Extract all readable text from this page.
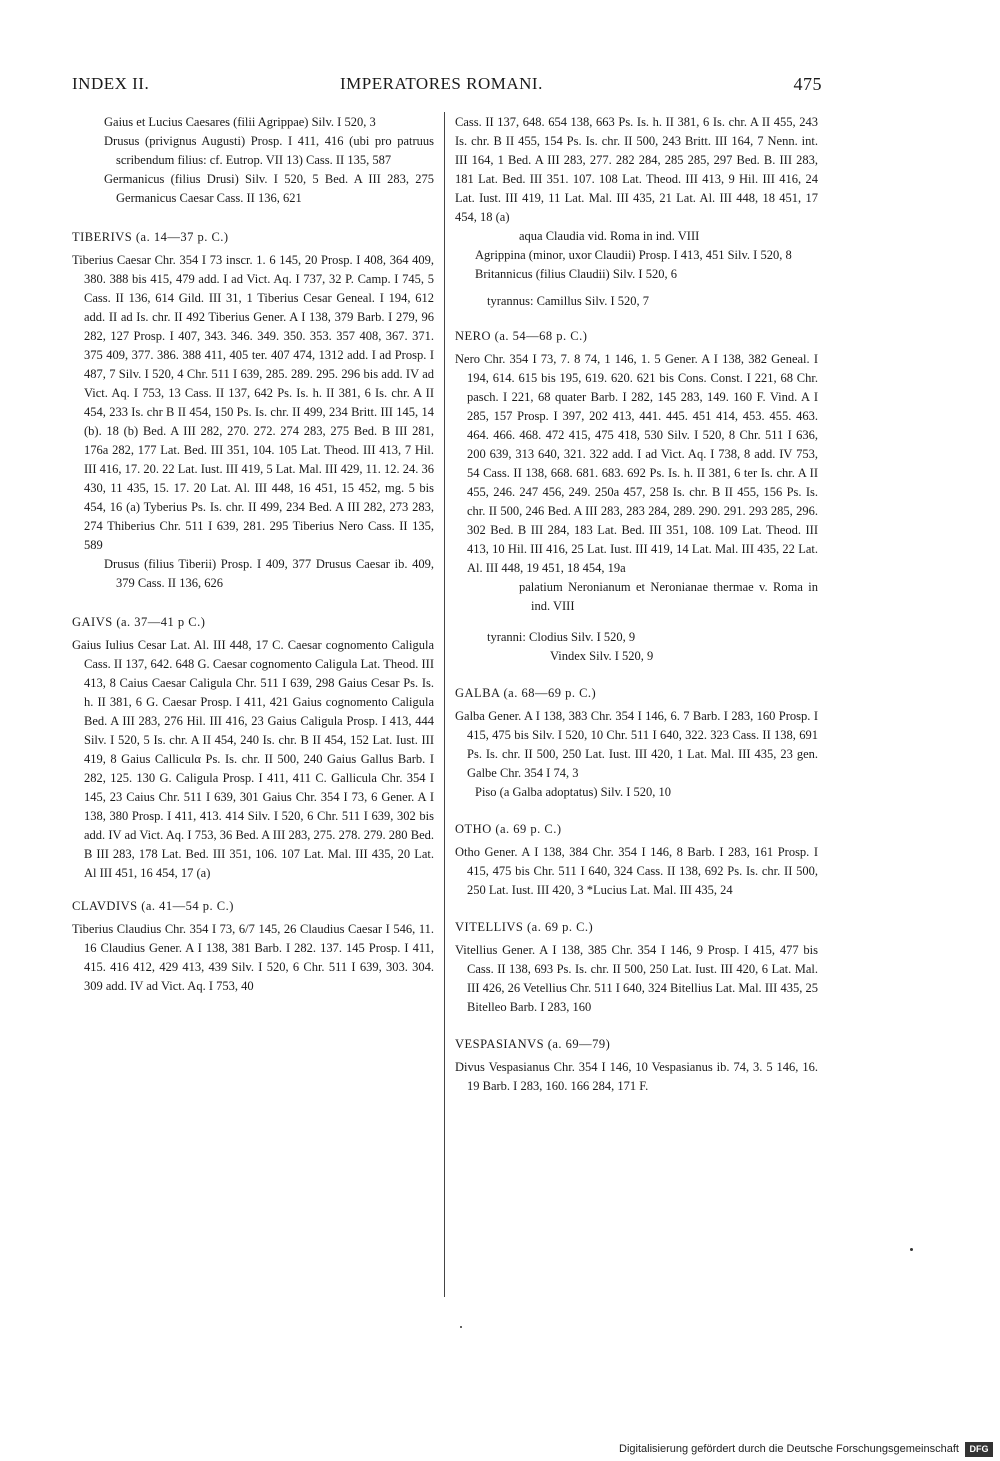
INDEX II.	IMPERATORES ROMANI.	475

Gaius et Lucius Caesares (filii Agrippae) Silv. I 520, 3

Drusus (privignus Augusti) Prosp. I 411, 416 (ubi pro patruus scribendum filius: cf. Eutrop. VII 13) Cass. II 135, 587

Germanicus (filius Drusi) Silv. I 520, 5 Bed. A III 283, 275 Germanicus Caesar Cass. II 136, 621

TIBERIVS (a. 14—37 p. C.)

Tiberius Caesar Chr. 354 I 73 inscr. 1. 6 145, 20 Prosp. I 408, 364 409, 380. 388 bis 415, 479 add. I ad Vict. Aq. I 737, 32 P. Camp. I 745, 5 Cass. II 136, 614 Gild. III 31, 1 Tiberius Cesar Geneal. I 194, 612 add. II ad Is. chr. II 492 Tiberius Gener. A I 138, 379 Barb. I 279, 96 282, 127 Prosp. I 407, 343. 346. 349. 350. 353. 357 408, 367. 371. 375 409, 377. 386. 388 411, 405 ter. 407 474, 1312 add. I ad Prosp. I 487, 7 Silv. I 520, 4 Chr. 511 I 639, 285. 289. 295. 296 bis add. IV ad Vict. Aq. I 753, 13 Cass. II 137, 642 Ps. Is. h. II 381, 6 Is. chr. A II 454, 233 Is. chr B II 454, 150 Ps. Is. chr. II 499, 234 Britt. III 145, 14 (b). 18 (b) Bed. A III 282, 270. 272. 274 283, 275 Bed. B III 281, 176a 282, 177 Lat. Bed. III 351, 104. 105 Lat. Theod. III 413, 7 Hil. III 416, 17. 20. 22 Lat. Iust. III 419, 5 Lat. Mal. III 429, 11. 12. 24. 36 430, 11 435, 15. 17. 20 Lat. Al. III 448, 16 451, 15 452, mg. 5 bis 454, 16 (a) Tyberius Ps. Is. chr. II 499, 234 Bed. A III 282, 273 283, 274 Thiberius Chr. 511 I 639, 281. 295 Tiberius Nero Cass. II 135, 589

Drusus (filius Tiberii) Prosp. I 409, 377 Drusus Caesar ib. 409, 379 Cass. II 136, 626

GAIVS (a. 37—41 p C.)

Gaius Iulius Cesar Lat. Al. III 448, 17 C. Caesar cognomento Caligula Cass. II 137, 642. 648 G. Caesar cognomento Caligula Lat. Theod. III 413, 8 Caius Caesar Caligula Chr. 511 I 639, 298 Gaius Cesar Ps. Is. h. II 381, 6 G. Caesar Prosp. I 411, 421 Gaius cognomento Caligula Bed. A III 283, 276 Hil. III 416, 23 Gaius Caligula Prosp. I 413, 444 Silv. I 520, 5 Is. chr. A II 454, 240 Is. chr. B II 454, 152 Lat. Iust. III 419, 8 Gaius Calliculα Ps. Is. chr. II 500, 240 Gaius Gallus Barb. I 282, 125. 130 G. Caligula Prosp. I 411, 411 C. Gallicula Chr. 354 I 145, 23 Caius Chr. 511 I 639, 301 Gaius Chr. 354 I 73, 6 Gener. A I 138, 380 Prosp. I 411, 413. 414 Silv. I 520, 6 Chr. 511 I 639, 302 bis add. IV ad Vict. Aq. I 753, 36 Bed. A III 283, 275. 278. 279. 280 Bed. B III 283, 178 Lat. Bed. III 351, 106. 107 Lat. Mal. III 435, 20 Lat. Al III 451, 16 454, 17 (a)

CLAVDIVS (a. 41—54 p. C.)

Tiberius Claudius Chr. 354 I 73, 6/7 145, 26 Claudius Caesar I 546, 11. 16 Claudius Gener. A I 138, 381 Barb. I 282. 137. 145 Prosp. I 411, 415. 416 412, 429 413, 439 Silv. I 520, 6 Chr. 511 I 639, 303. 304. 309 add. IV ad Vict. Aq. I 753, 40

Cass. II 137, 648. 654 138, 663 Ps. Is. h. II 381, 6 Is. chr. A II 455, 243 Is. chr. B II 455, 154 Ps. Is. chr. II 500, 243 Britt. III 164, 7 Nenn. int. III 164, 1 Bed. A III 283, 277. 282 284, 285 285, 297 Bed. B. III 283, 181 Lat. Bed. III 351. 107. 108 Lat. Theod. III 413, 9 Hil. III 416, 24 Lat. Iust. III 419, 11 Lat. Mal. III 435, 21 Lat. Al. III 448, 18 451, 17 454, 18 (a)

aqua Claudia vid. Roma in ind. VIII

Agrippina (minor, uxor Claudii) Prosp. I 413, 451 Silv. I 520, 8

Britannicus (filius Claudii) Silv. I 520, 6

tyrannus: Camillus Silv. I 520, 7

NERO (a. 54—68 p. C.)

Nero Chr. 354 I 73, 7. 8 74, 1 146, 1. 5 Gener. A I 138, 382 Geneal. I 194, 614. 615 bis 195, 619. 620. 621 bis Cons. Const. I 221, 68 Chr. pasch. I 221, 68 quater Barb. I 282, 145 283, 149. 160 F. Vind. A I 285, 157 Prosp. I 397, 202 413, 441. 445. 451 414, 453. 455. 463. 464. 466. 468. 472 415, 475 418, 530 Silv. I 520, 8 Chr. 511 I 636, 200 639, 313 640, 321. 322 add. I ad Vict. Aq. I 738, 8 add. IV 753, 54 Cass. II 138, 668. 681. 683. 692 Ps. Is. h. II 381, 6 ter Is. chr. A II 455, 246. 247 456, 249. 250a 457, 258 Is. chr. B II 455, 156 Ps. Is. chr. II 500, 246 Bed. A III 283, 283 284, 289. 290. 291. 293 285, 296. 302 Bed. B III 284, 183 Lat. Bed. III 351, 108. 109 Lat. Theod. III 413, 10 Hil. III 416, 25 Lat. Iust. III 419, 14 Lat. Mal. III 435, 22 Lat. Al. III 448, 19 451, 18 454, 19a

palatium Neronianum et Neronianae thermae v. Roma in ind. VIII

tyranni: Clodius Silv. I 520, 9

Vindex Silv. I 520, 9

GALBA (a. 68—69 p. C.)

Galba Gener. A I 138, 383 Chr. 354 I 146, 6. 7 Barb. I 283, 160 Prosp. I 415, 475 bis Silv. I 520, 10 Chr. 511 I 640, 322. 323 Cass. II 138, 691 Ps. Is. chr. II 500, 250 Lat. Iust. III 420, 1 Lat. Mal. III 435, 23 gen. Galbe Chr. 354 I 74, 3

Piso (a Galba adoptatus) Silv. I 520, 10

OTHO (a. 69 p. C.)

Otho Gener. A I 138, 384 Chr. 354 I 146, 8 Barb. I 283, 161 Prosp. I 415, 475 bis Chr. 511 I 640, 324 Cass. II 138, 692 Ps. Is. chr. II 500, 250 Lat. Iust. III 420, 3 *Lucius Lat. Mal. III 435, 24

VITELLIVS (a. 69 p. C.)

Vitellius Gener. A I 138, 385 Chr. 354 I 146, 9 Prosp. I 415, 477 bis Cass. II 138, 693 Ps. Is. chr. II 500, 250 Lat. Iust. III 420, 6 Lat. Mal. III 426, 26 Vetellius Chr. 511 I 640, 324 Bitellius Lat. Mal. III 435, 25 Bitelleo Barb. I 283, 160

VESPASIANVS (a. 69—79)

Divus Vespasianus Chr. 354 I 146, 10 Vespasianus ib. 74, 3. 5 146, 16. 19 Barb. I 283, 160. 166 284, 171 F.

Digitalisierung gefördert durch die Deutsche Forschungsgemeinschaft	DFG
